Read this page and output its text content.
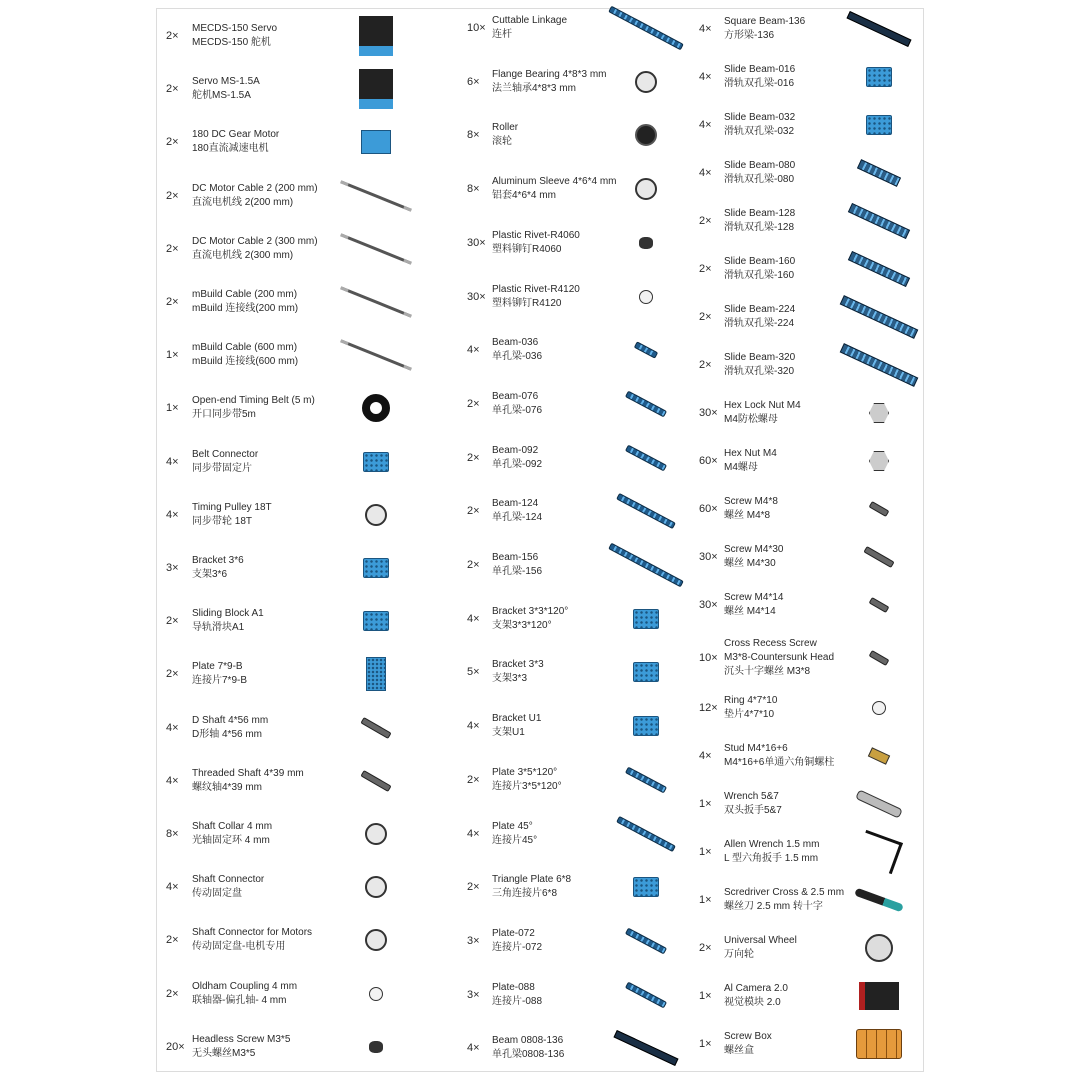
2×
MECDS-150 Servo
MECDS-150 舵机
2×
Servo MS-1.5A
舵机MS-1.5A
2×
180 DC Gear Motor
180直流减速电机
2×
DC Motor Cable 2 (200 mm)
直流电机线 2(200 mm)
2×
DC Motor Cable 2 (300 mm)
直流电机线 2(300 mm)
2×
mBuild Cable (200 mm)
mBuild 连接线(200 mm)
1×
mBuild Cable (600 mm)
mBuild 连接线(600 mm)
1×
Open-end Timing Belt (5 m)
开口同步带5m
4×
Belt Connector
同步带固定片
4×
Timing Pulley 18T
同步带轮 18T
3×
Bracket 3*6
支架3*6
2×
Sliding Block A1
导轨滑块A1
2×
Plate 7*9-B
连接片7*9-B
4×
D Shaft 4*56 mm
D形轴 4*56 mm
4×
Threaded Shaft 4*39 mm
螺纹轴4*39 mm
8×
Shaft Collar 4 mm
光轴固定环 4 mm
4×
Shaft Connector
传动固定盘
2×
Shaft Connector for Motors
传动固定盘-电机专用
2×
Oldham Coupling 4 mm
联轴器-偏孔轴- 4 mm
20×
Headless Screw M3*5
无头螺丝M3*5
10×
Cuttable Linkage
连杆
6×
Flange Bearing 4*8*3 mm
法兰轴承4*8*3 mm
8×
Roller
滚轮
8×
Aluminum Sleeve 4*6*4 mm
铝套4*6*4 mm
30×
Plastic Rivet-R4060
塑料铆钉R4060
30×
Plastic Rivet-R4120
塑料铆钉R4120
4×
Beam-036
单孔梁-036
2×
Beam-076
单孔梁-076
2×
Beam-092
单孔梁-092
2×
Beam-124
单孔梁-124
2×
Beam-156
单孔梁-156
4×
Bracket 3*3*120°
支架3*3*120°
5×
Bracket 3*3
支架3*3
4×
Bracket U1
支架U1
2×
Plate 3*5*120°
连接片3*5*120°
4×
Plate 45°
连接片45°
2×
Triangle Plate 6*8
三角连接片6*8
3×
Plate-072
连接片-072
3×
Plate-088
连接片-088
4×
Beam 0808-136
单孔梁0808-136
4×
Square Beam-136
方形梁-136
4×
Slide Beam-016
滑轨双孔梁-016
4×
Slide Beam-032
滑轨双孔梁-032
4×
Slide Beam-080
滑轨双孔梁-080
2×
Slide Beam-128
滑轨双孔梁-128
2×
Slide Beam-160
滑轨双孔梁-160
2×
Slide Beam-224
滑轨双孔梁-224
2×
Slide Beam-320
滑轨双孔梁-320
30×
Hex Lock Nut M4
M4防松螺母
60×
Hex Nut M4
M4螺母
60×
Screw M4*8
螺丝 M4*8
30×
Screw M4*30
螺丝 M4*30
30×
Screw M4*14
螺丝 M4*14
10×
Cross Recess Screw
M3*8-Countersunk Head
沉头十字螺丝 M3*8
12×
Ring 4*7*10
垫片4*7*10
4×
Stud M4*16+6
M4*16+6单通六角铜螺柱
1×
Wrench 5&7
双头扳手5&7
1×
Allen Wrench 1.5 mm
L 型六角扳手 1.5 mm
1×
Scredriver Cross & 2.5 mm
螺丝刀 2.5 mm 转十字
2×
Universal Wheel
万向轮
1×
Al Camera 2.0
视觉模块 2.0
1×
Screw Box
螺丝盒
